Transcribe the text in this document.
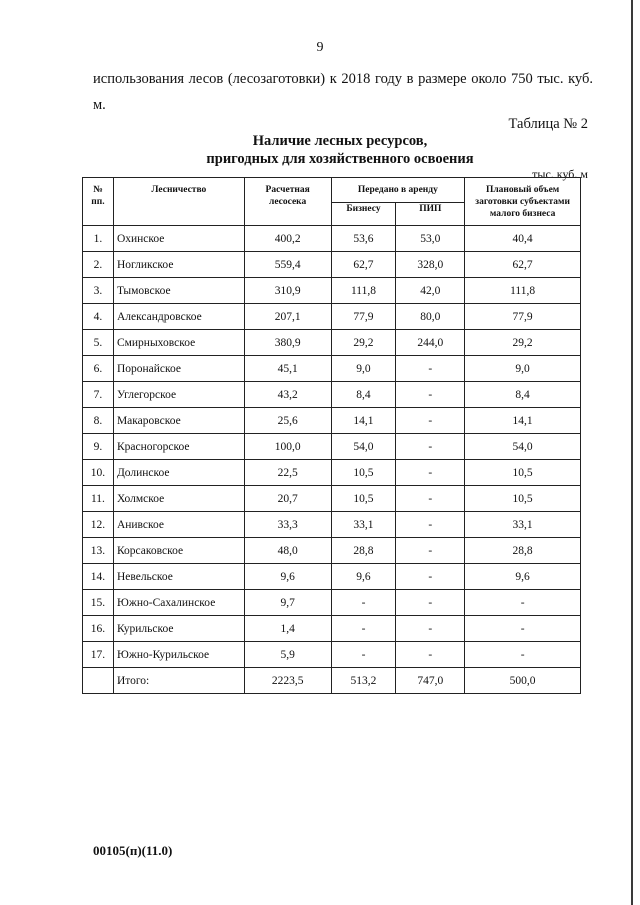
9
использования лесов (лесозаготовки) к 2018 году в размере около 750 тыс. куб. м.
Таблица № 2
Наличие лесных ресурсов,
пригодных для хозяйственного освоения
тыс. куб. м
№ пп.	Лесничество	Расчетная лесосека	Передано в аренду		Плановый объем заготовки субъектами малого бизнеса
			Бизнесу	ПИП	
1.	Охинское	400,2	53,6	53,0	40,4
2.	Ногликское	559,4	62,7	328,0	62,7
3.	Тымовское	310,9	111,8	42,0	111,8
4.	Александровское	207,1	77,9	80,0	77,9
5.	Смирныховское	380,9	29,2	244,0	29,2
6.	Поронайское	45,1	9,0	-	9,0
7.	Углегорское	43,2	8,4	-	8,4
8.	Макаровское	25,6	14,1	-	14,1
9.	Красногорское	100,0	54,0	-	54,0
10.	Долинское	22,5	10,5	-	10,5
11.	Холмское	20,7	10,5	-	10,5
12.	Анивское	33,3	33,1	-	33,1
13.	Корсаковское	48,0	28,8	-	28,8
14.	Невельское	9,6	9,6	-	9,6
15.	Южно-Сахалинское	9,7	-	-	-
16.	Курильское	1,4	-	-	-
17.	Южно-Курильское	5,9	-	-	-
	Итого:	2223,5	513,2	747,0	500,0
00105(п)(11.0)
